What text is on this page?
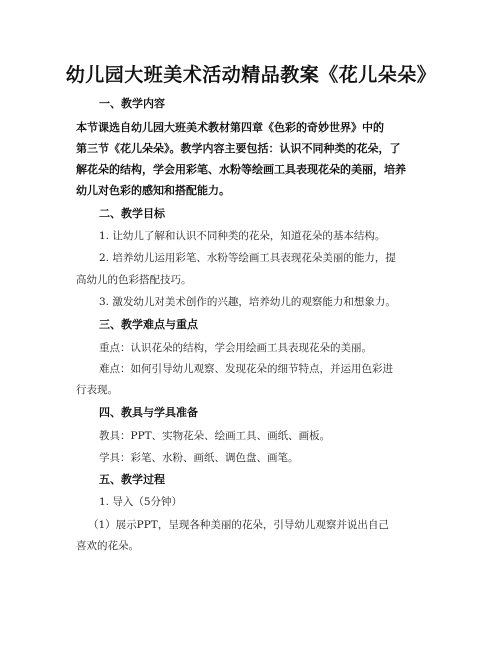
幼儿园大班美术活动精品教案《花儿朵朵》
一、教学内容
本节课选自幼儿园大班美术教材第四章《色彩的奇妙世界》中的
第三节《花儿朵朵》。教学内容主要包括：认识不同种类的花朵，了
解花朵的结构，学会用彩笔、水粉等绘画工具表现花朵的美丽，培养
幼儿对色彩的感知和搭配能力。
二、教学目标
1. 让幼儿了解和认识不同种类的花朵，知道花朵的基本结构。
2. 培养幼儿运用彩笔、水粉等绘画工具表现花朵美丽的能力，提
高幼儿的色彩搭配技巧。
3. 激发幼儿对美术创作的兴趣，培养幼儿的观察能力和想象力。
三、教学难点与重点
重点：认识花朵的结构，学会用绘画工具表现花朵的美丽。
难点：如何引导幼儿观察、发现花朵的细节特点，并运用色彩进
行表现。
四、教具与学具准备
教具：PPT、实物花朵、绘画工具、画纸、画板。
学具：彩笔、水粉、画纸、调色盘、画笔。
五、教学过程
1. 导入（5分钟）
（1）展示PPT，呈现各种美丽的花朵，引导幼儿观察并说出自己
喜欢的花朵。
